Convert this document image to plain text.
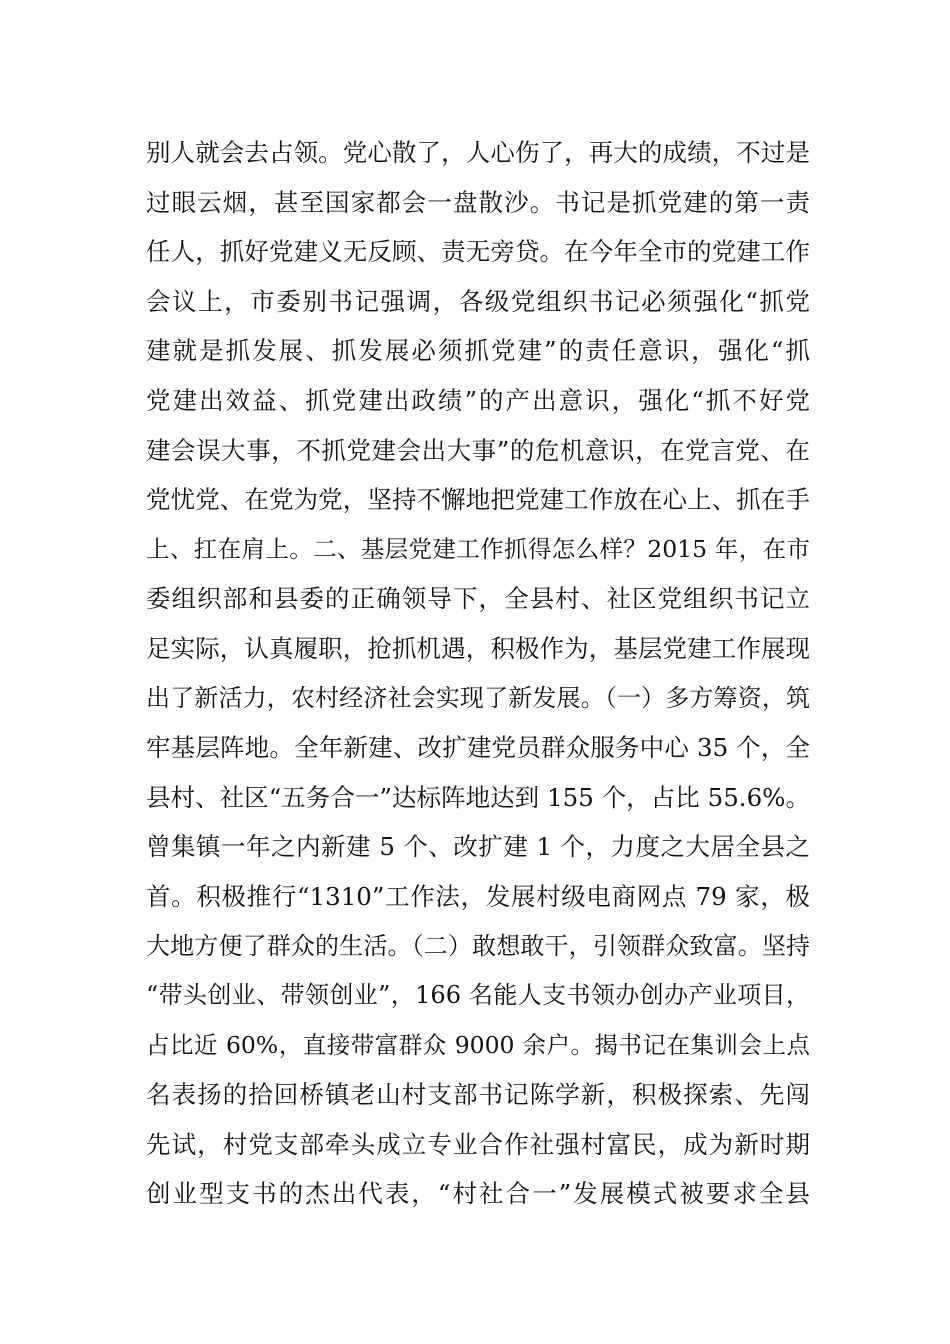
别人就会去占领。党心散了，人心伤了，再大的成绩，不过是
过眼云烟，甚至国家都会一盘散沙。书记是抓党建的第一责
任人，抓好党建义无反顾、责无旁贷。在今年全市的党建工作
会议上，市委别书记强调，各级党组织书记必须强化“抓党
建就是抓发展、抓发展必须抓党建”的责任意识，强化“抓
党建出效益、抓党建出政绩”的产出意识，强化“抓不好党
建会误大事，不抓党建会出大事”的危机意识，在党言党、在
党忧党、在党为党，坚持不懈地把党建工作放在心上、抓在手
上、扛在肩上。二、基层党建工作抓得怎么样？2015 年，在市
委组织部和县委的正确领导下，全县村、社区党组织书记立
足实际，认真履职，抢抓机遇，积极作为，基层党建工作展现
出了新活力，农村经济社会实现了新发展。（一）多方筹资，筑
牢基层阵地。全年新建、改扩建党员群众服务中心 35 个，全
县村、社区“五务合一”达标阵地达到 155 个，占比 55.6%。
曾集镇一年之内新建 5 个、改扩建 1 个，力度之大居全县之
首。积极推行“1310”工作法，发展村级电商网点 79 家，极
大地方便了群众的生活。（二）敢想敢干，引领群众致富。坚持
“带头创业、带领创业”，166 名能人支书领办创办产业项目，
占比近 60%，直接带富群众 9000 余户。揭书记在集训会上点
名表扬的拾回桥镇老山村支部书记陈学新，积极探索、先闯
先试，村党支部牵头成立专业合作社强村富民，成为新时期
创业型支书的杰出代表，“村社合一”发展模式被要求全县
